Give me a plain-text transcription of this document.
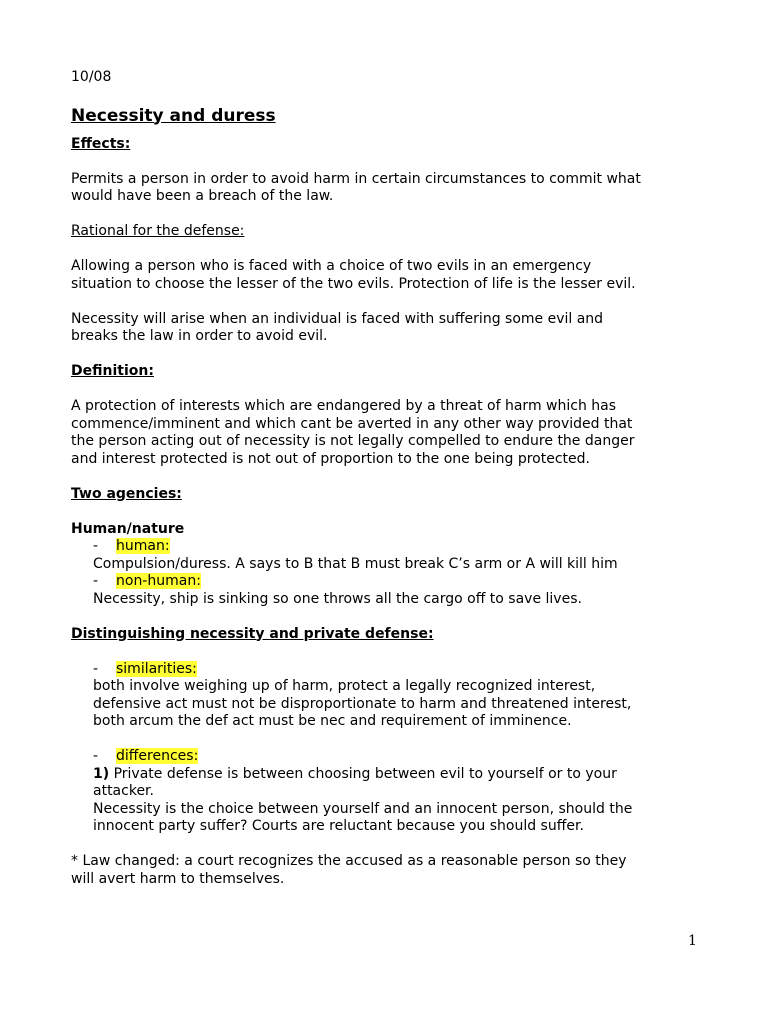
10/08

Necessity and duress

Effects:

Permits a person in order to avoid harm in certain circumstances to commit what

would have been a breach of the law.

Rational for the defense:

Allowing a person who is faced with a choice of two evils in an emergency

situation to choose the lesser of the two evils. Protection of life is the lesser evil.

Necessity will arise when an individual is faced with suffering some evil and

breaks the law in order to avoid evil.

Definition:

A protection of interests which are endangered by a threat of harm which has

commence/imminent and which cant be averted in any other way provided that

the person acting out of necessity is not legally compelled to endure the danger

and interest protected is not out of proportion to the one being protected.

Two agencies:

Human/nature

- human:

Compulsion/duress. A says to B that B must break C’s arm or A will kill him

- non-human:

Necessity, ship is sinking so one throws all the cargo off to save lives.

Distinguishing necessity and private defense:

- similarities:

both involve weighing up of harm, protect a legally recognized interest,

defensive act must not be disproportionate to harm and threatened interest,

both arcum the def act must be nec and requirement of imminence.

- differences:

1) Private defense is between choosing between evil to yourself or to your

attacker.

Necessity is the choice between yourself and an innocent person, should the

innocent party suffer? Courts are reluctant because you should suffer.

* Law changed: a court recognizes the accused as a reasonable person so they

will avert harm to themselves.

1
